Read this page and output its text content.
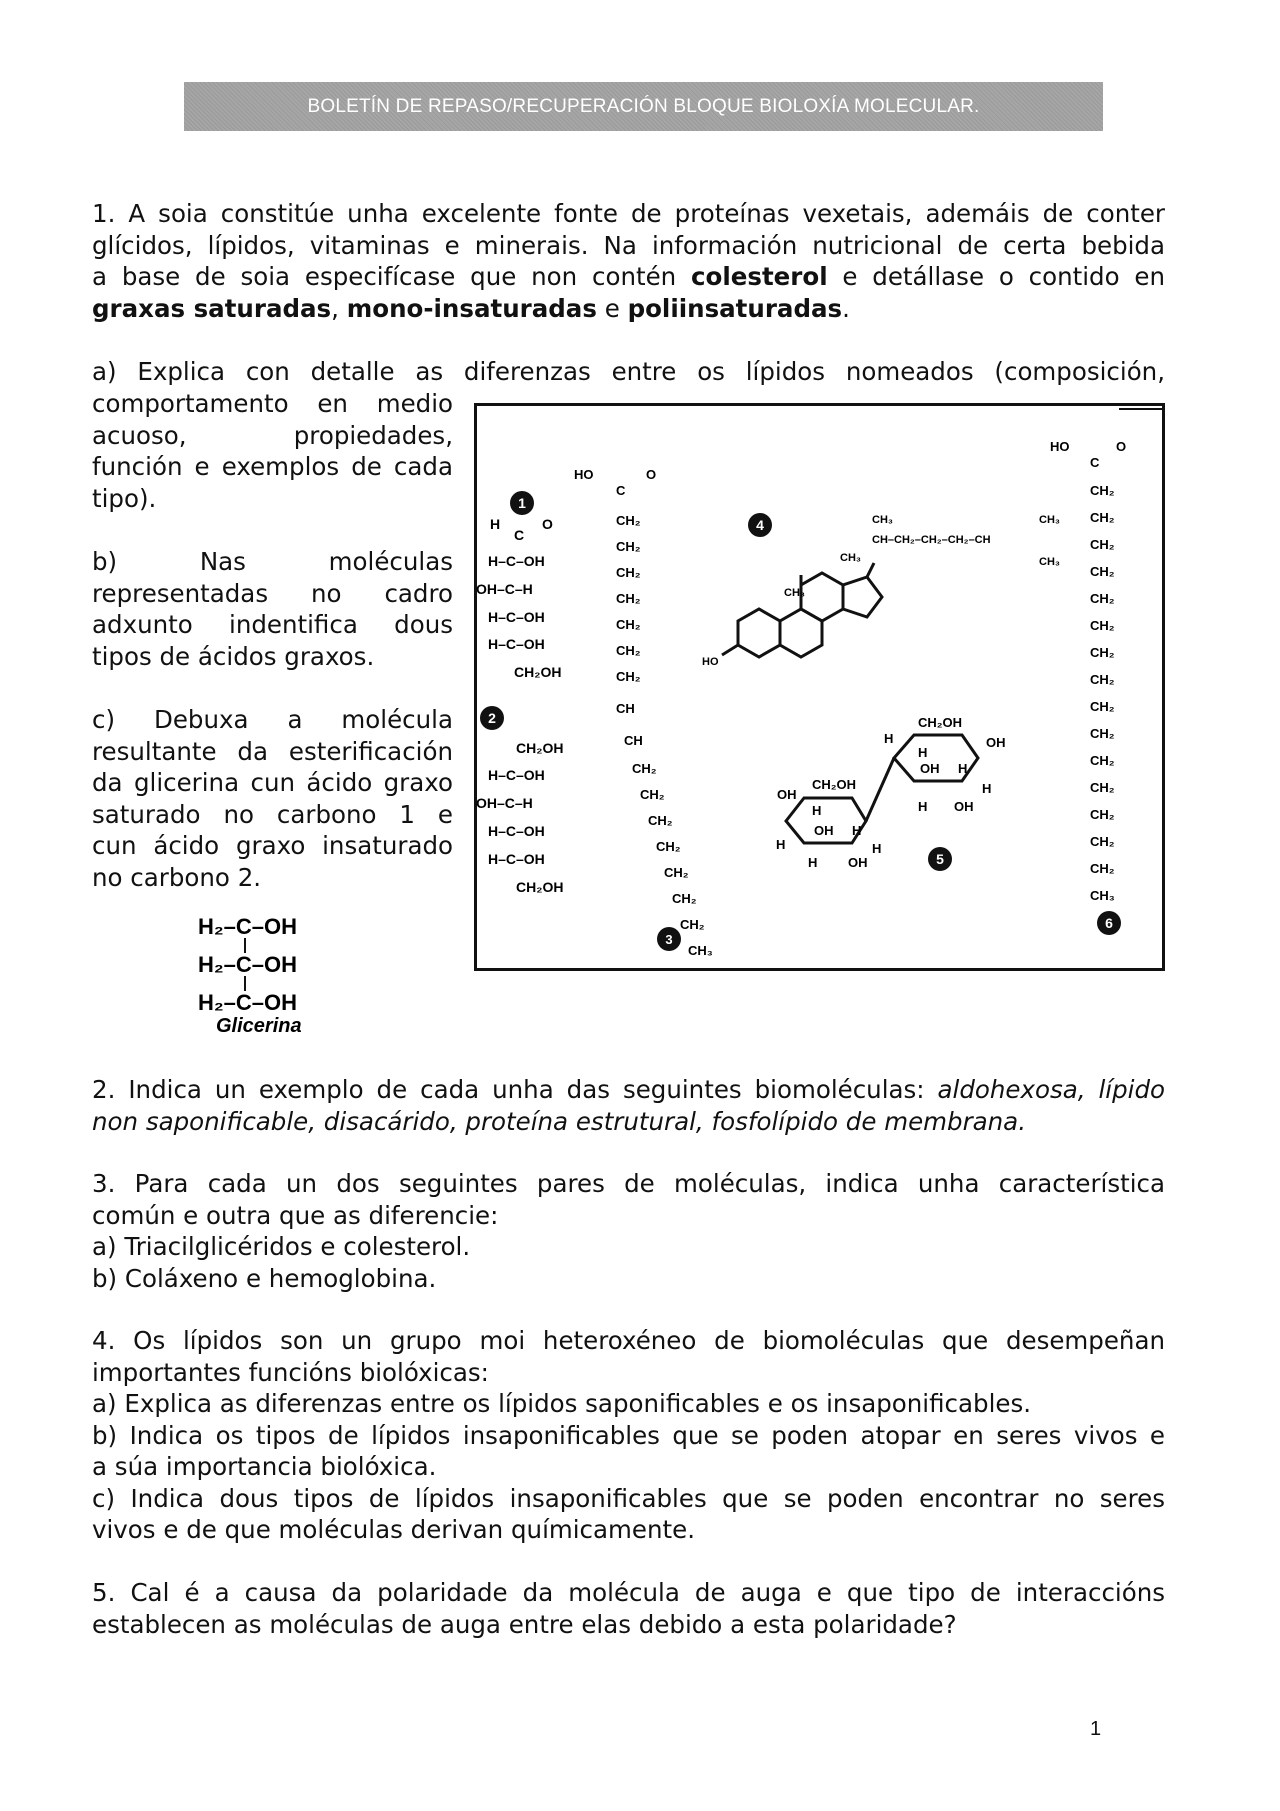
BOLETÍN DE REPASO/RECUPERACIÓN BLOQUE BIOLOXÍA MOLECULAR.
1. A soia constitúe unha excelente fonte de proteínas vexetais, ademáis de conter
glícidos, lípidos, vitaminas e minerais. Na información nutricional de certa bebida
a base de soia especifícase que non contén colesterol e detállase o contido en
graxas saturadas, mono-insaturadas e poliinsaturadas.
a) Explica con detalle as diferenzas entre os lípidos nomeados (composición,
comportamento en medio
acuoso, propiedades,
función e exemplos de cada
tipo).
b) Nas moléculas
representadas no cadro
adxunto indentifica dous
tipos de ácidos graxos.
c) Debuxa a molécula
resultante da esterificación
da glicerina cun ácido graxo
saturado no carbono 1 e
cun ácido graxo insaturado
no carbono 2.
1
H
C
O
H–C–OH
OH–C–H
H–C–OH
H–C–OH
CH₂OH
2
CH₂OH
H–C–OH
OH–C–H
H–C–OH
H–C–OH
CH₂OH
HO
C
O
CH₂
CH₂
CH₂
CH₂
CH₂
CH₂
CH₂
CH
CH
CH₂
CH₂
CH₂
CH₂
CH₂
CH₂
CH₂
CH₃
3
4
HO
CH₃
CH₃
CH₃
CH–CH₂–CH₂–CH₂–CH
CH₃
CH₃
CH₂OH
OH
H
OH H
H
H OH
H
CH₂OH
H
H
OH H
OH
H
H OH
5
HO
C
O
CH₂
CH₂
CH₂
CH₂
CH₂
CH₂
CH₂
CH₂
CH₂
CH₂
CH₂
CH₂
CH₂
CH₂
CH₂
CH₃
6
H₂–C–OH
H₂–C–OH
H₂–C–OH
Glicerina
2. Indica un exemplo de cada unha das seguintes biomoléculas: aldohexosa, lípido
non saponificable, disacárido, proteína estrutural, fosfolípido de membrana.
3. Para cada un dos seguintes pares de moléculas, indica unha característica
común e outra que as diferencie:
a) Triacilglicéridos e colesterol.
b) Coláxeno e hemoglobina.
4. Os lípidos son un grupo moi heteroxéneo de biomoléculas que desempeñan
importantes funcións biolóxicas:
a) Explica as diferenzas entre os lípidos saponificables e os insaponificables.
b) Indica os tipos de lípidos insaponificables que se poden atopar en seres vivos e
a súa importancia biolóxica.
c) Indica dous tipos de lípidos insaponificables que se poden encontrar no seres
vivos e de que moléculas derivan químicamente.
5. Cal é a causa da polaridade da molécula de auga e que tipo de interaccións
establecen as moléculas de auga entre elas debido a esta polaridade?
1
